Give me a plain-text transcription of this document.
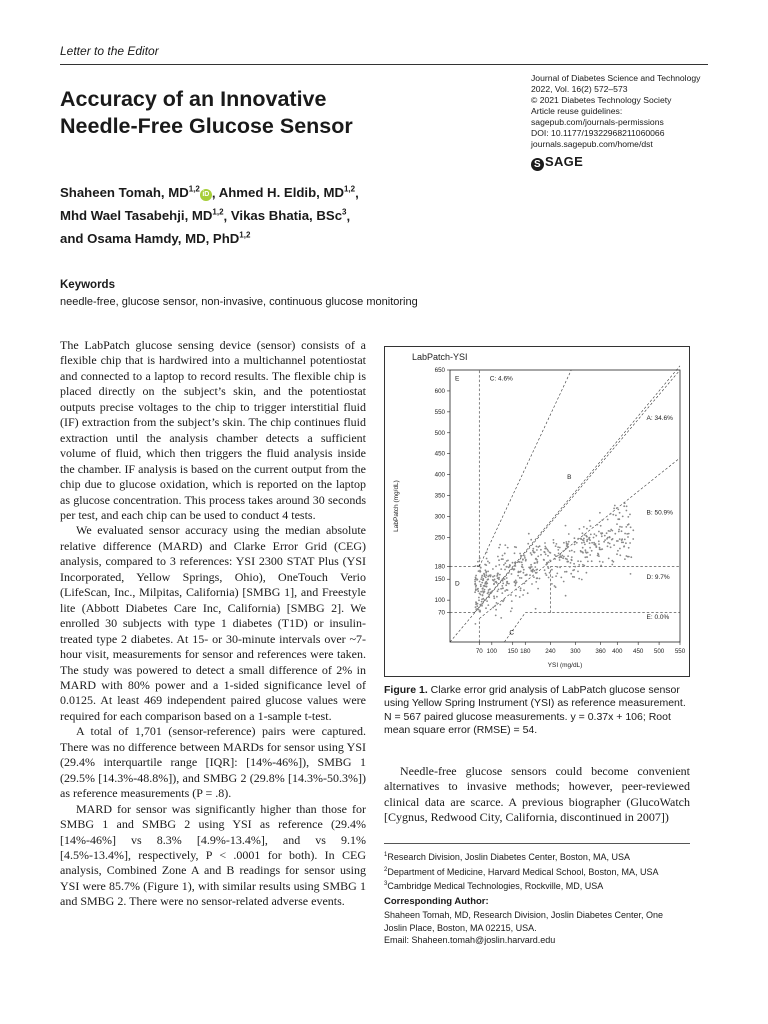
Letter to the Editor
Accuracy of an Innovative
Needle-Free Glucose Sensor
Journal of Diabetes Science and Technology
2022, Vol. 16(2) 572–573
© 2021 Diabetes Technology Society
Article reuse guidelines:
sagepub.com/journals-permissions
DOI: 10.1177/19322968211060066
journals.sagepub.com/home/dst
S SAGE
Shaheen Tomah, MD$^{1,2}$iD , Ahmed H. Eldib, MD$^{1,2}$,
Mhd Wael Tasabehji, MD$^{1,2}$, Vikas Bhatia, BSc$^3$,
and Osama Hamdy, MD, PhD$^{1,2}$
Keywords
needle-free, glucose sensor, non-invasive, continuous glucose monitoring

The LabPatch glucose sensing device (sensor) consists of a flexible chip that is hardwired into a multichannel potentiostat and connected to a laptop to record results. The flexible chip is placed directly on the subject’s skin, and the potentiostat outputs precise voltages to the chip to trigger interstitial fluid (IF) extraction from the subject’s skin. The chip continues fluid extraction until the analysis chamber detects a sufficient volume of fluid, which then triggers the fluid analysis inside the chamber. IF analysis is based on the current output from the chip due to glucose oxidation, which is reported on the laptop as glucose concentration. This process takes around 30 seconds per test, and each chip can be used to conduct 4 tests.

We evaluated sensor accuracy using the median absolute relative difference (MARD) and Clarke Error Grid (CEG) analysis, compared to 3 references: YSI 2300 STAT Plus (YSI Incorporated, Yellow Springs, Ohio), OneTouch Verio (LifeScan, Inc., Milpitas, California) [SMBG 1], and Freestyle lite (Abbott Diabetes Care Inc, California) [SMBG 2]. We enrolled 30 subjects with type 1 diabetes (T1D) or insulin-treated type 2 diabetes. At 15- or 30-minute intervals over ~7-hour visit, measurements for sensor and references were taken. The study was powered to detect a small difference of 2% in MARD with 80% power and a 1-sided significance level of 0.0125. At least 469 independent paired glucose values were required for each comparison based on a 1-sample t-test.

A total of 1,701 (sensor-reference) pairs were captured. There was no difference between MARDs for sensor using YSI (29.4% interquartile range [IQR]: [14%-46%]), SMBG 1 (29.5% [14.3%-48.8%]), and SMBG 2 (29.8% [14.3%-50.3%]) as reference measurements (P = .8).

MARD for sensor was significantly higher than those for SMBG 1 and SMBG 2 using YSI as reference (29.4% [14%-46%] vs 8.3% [4.9%-13.4%], and vs 9.1% [4.5%-13.4%], respectively, P < .0001 for both). In CEG analysis, Combined Zone A and B readings for sensor using YSI were 85.7% (Figure 1), with similar results using SMBG 1 and SMBG 2. There were no sensor-related adverse events.

LabPatch-YSI
YSI (mg/dL)
LabPatch (mg/dL)
70 100 150 180 240 300 360 400 450 500 550
70
100
150
180
250
300
350
400
450
500
550
600
650
E	C: 4.6%
A: 34.6%
B
B: 50.9%
D
D: 9.7%
E: 0.0%
C
Figure 1. Clarke error grid analysis of LabPatch glucose sensor using Yellow Spring Instrument (YSI) as reference measurement. N = 567 paired glucose measurements. y = 0.37x + 106; Root mean square error (RMSE) = 54.
Needle-free glucose sensors could become convenient alternatives to invasive methods; however, peer-reviewed clinical data are scarce. A previous biographer (GlucoWatch [Cygnus, Redwood City, California, discontinued in 2007])
$^1$Research Division, Joslin Diabetes Center, Boston, MA, USA
$^2$Department of Medicine, Harvard Medical School, Boston, MA, USA
$^3$Cambridge Medical Technologies, Rockville, MD, USA
Corresponding Author:
Shaheen Tomah, MD, Research Division, Joslin Diabetes Center, One
Joslin Place, Boston, MA 02215, USA.
Email: Shaheen.tomah@joslin.harvard.edu
